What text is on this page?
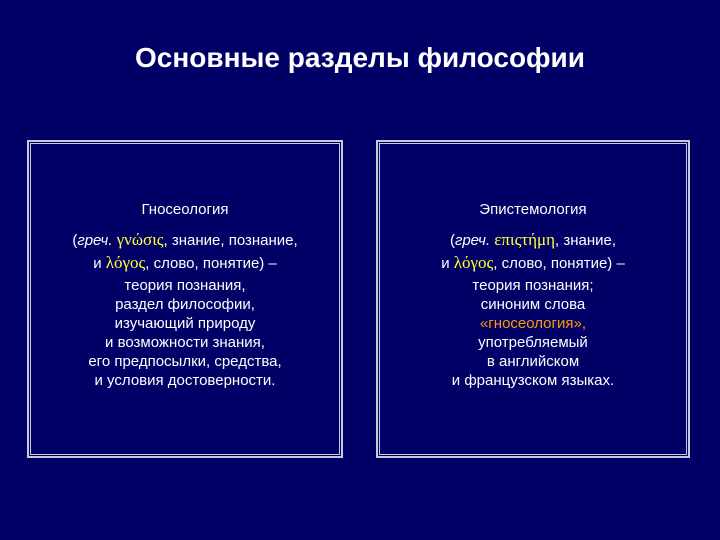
Основные разделы философии
Гносеология
(греч. γνώσις, знание, познание,
и λόγος, слово, понятие) –
теория познания,
раздел философии,
изучающий природу
и возможности знания,
его предпосылки, средства,
и условия достоверности.
Эпистемология
(греч. επιςτήμη, знание,
и λόγος, слово, понятие) –
теория познания;
синоним слова
«гносеология»,
употребляемый
в английском
и французском языках.
